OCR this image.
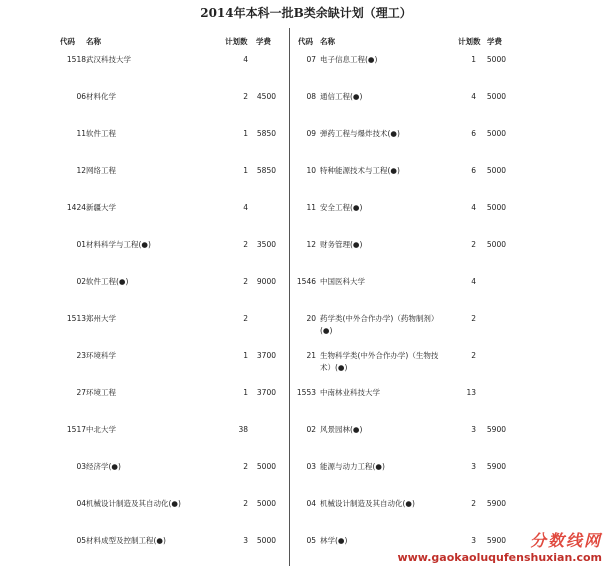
2014年本科一批B类余缺计划（理工）
代码 名称	计划数 学费
1518 武汉科技大学	4
06 材料化学	2	4500
11 软件工程	1	5850
12 网络工程	1	5850
1424 新疆大学	4
01 材料科学与工程(●)	2	3500
02 软件工程(●)	2	9000
1513 郑州大学	2
23 环境科学	1	3700
27 环境工程	1	3700
1517 中北大学	38
03 经济学(●)	2	5000
04 机械设计制造及其自动化(●)	2	5000
05 材料成型及控制工程(●)	3	5000
代码 名称	计划数 学费
07 电子信息工程(●)	1	5000
08 通信工程(●)	4	5000
09 弹药工程与爆炸技术(●)	6	5000
10 特种能源技术与工程(●)	6	5000
11 安全工程(●)	4	5000
12 财务管理(●)	2	5000
1546 中国医科大学	4
20 药学类(中外合作办学)（药物制剂）(●)
2
21 生物科学类(中外合作办学)（生物技术）(●)
2
1553 中南林业科技大学	13
02 风景园林(●)	3	5900
03 能源与动力工程(●)	3	5900
04 机械设计制造及其自动化(●)	2	5900
05 林学(●)	3	5900	分数线网
www.gaokaoluqufenshuxian.com
